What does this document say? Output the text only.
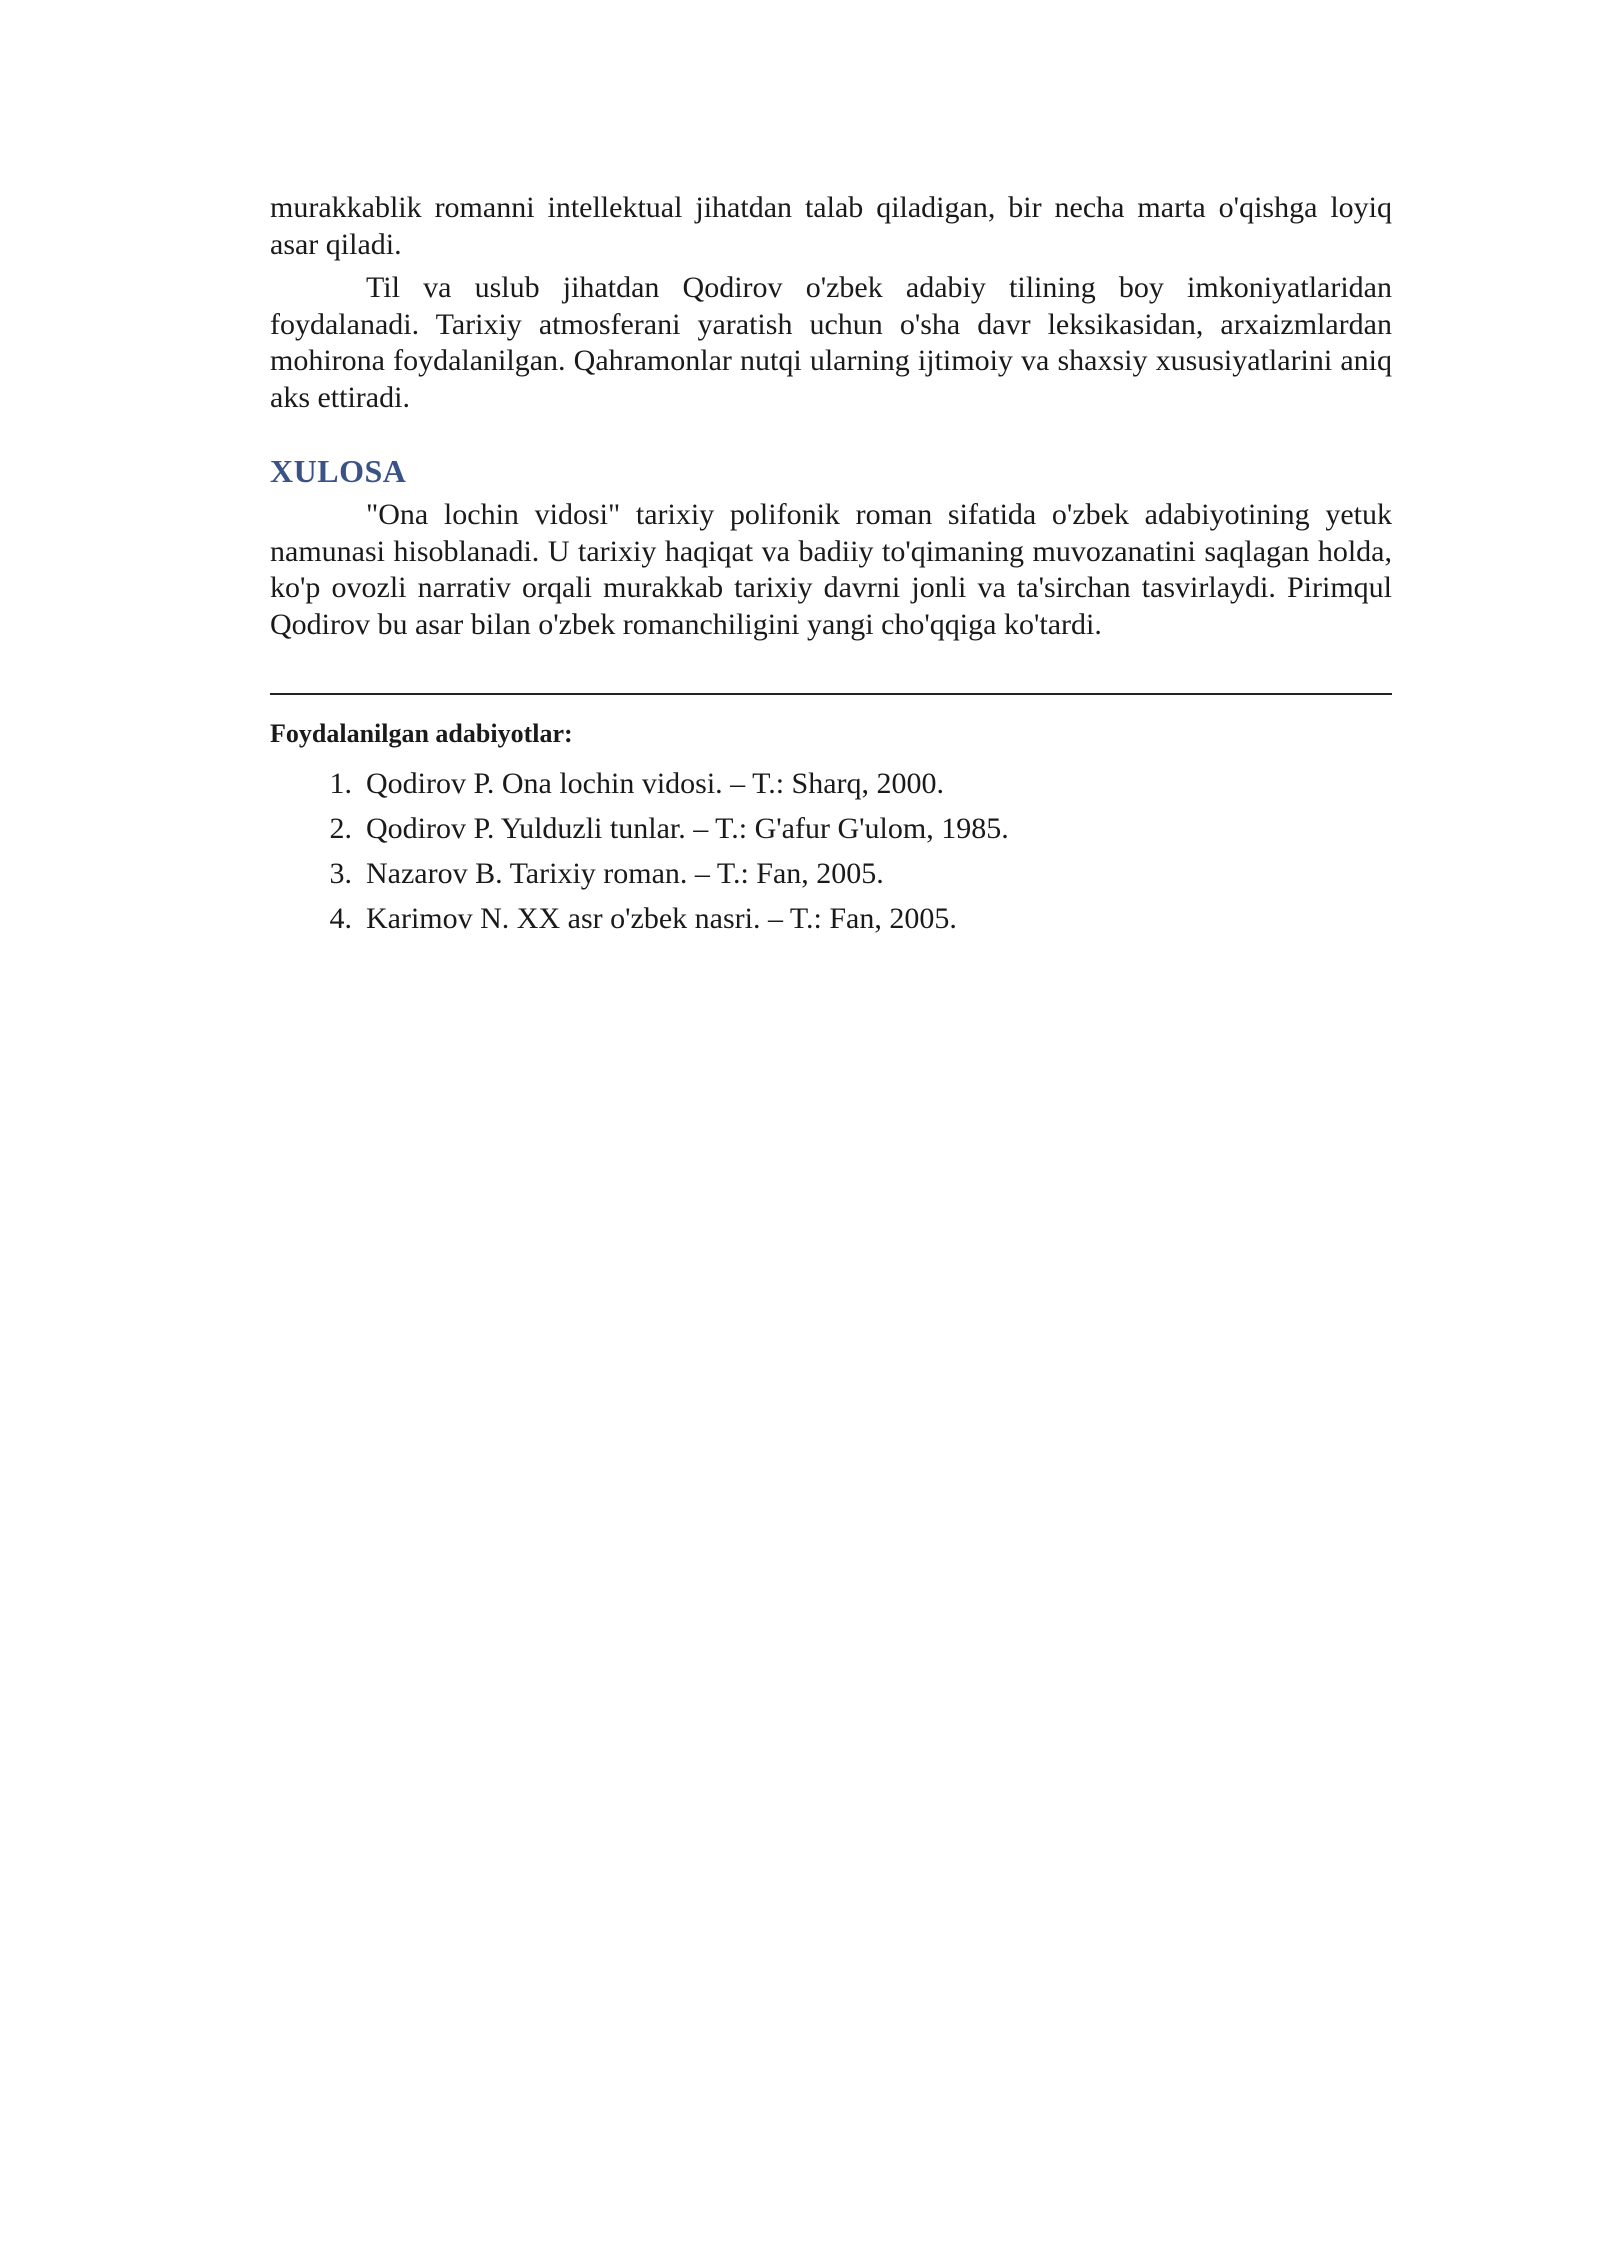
murakkablik romanni intellektual jihatdan talab qiladigan, bir necha marta o'qishga loyiq asar qiladi.

Til va uslub jihatdan Qodirov o'zbek adabiy tilining boy imkoniyatlaridan foydalanadi. Tarixiy atmosferani yaratish uchun o'sha davr leksikasidan, arxaizmlardan mohirona foydalanilgan. Qahramonlar nutqi ularning ijtimoiy va shaxsiy xususiyatlarini aniq aks ettiradi.

XULOSA

"Ona lochin vidosi" tarixiy polifonik roman sifatida o'zbek adabiyotining yetuk namunasi hisoblanadi. U tarixiy haqiqat va badiiy to'qimaning muvozanatini saqlagan holda, ko'p ovozli narrativ orqali murakkab tarixiy davrni jonli va ta'sirchan tasvirlaydi. Pirimqul Qodirov bu asar bilan o'zbek romanchiligini yangi cho'qqiga ko'tardi.

Foydalanilgan adabiyotlar:
1. Qodirov P. Ona lochin vidosi. – T.: Sharq, 2000.
2. Qodirov P. Yulduzli tunlar. – T.: G'afur G'ulom, 1985.
3. Nazarov B. Tarixiy roman. – T.: Fan, 2005.
4. Karimov N. XX asr o'zbek nasri. – T.: Fan, 2005.
